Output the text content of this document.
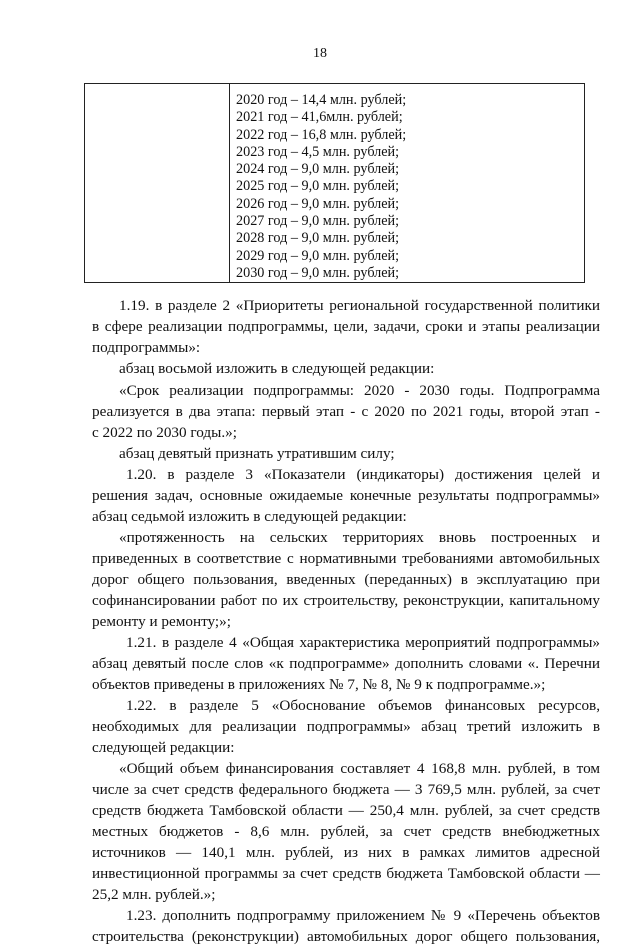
18
2020 год – 14,4 млн. рублей;
2021 год – 41,6млн. рублей;
2022 год – 16,8 млн. рублей;
2023 год – 4,5 млн. рублей;
2024 год – 9,0 млн. рублей;
2025 год – 9,0 млн. рублей;
2026 год – 9,0 млн. рублей;
2027 год – 9,0 млн. рублей;
2028 год – 9,0 млн. рублей;
2029 год – 9,0 млн. рублей;
2030 год – 9,0 млн. рублей;
1.19. в разделе 2 «Приоритеты региональной государственной политики
в сфере реализации подпрограммы, цели, задачи, сроки и этапы реализации
подпрограммы»:
абзац восьмой изложить в следующей редакции:
«Срок реализации подпрограммы: 2020 - 2030 годы. Подпрограмма
реализуется в два этапа: первый этап - с 2020 по 2021 годы, второй этап -
с 2022 по 2030 годы.»;
абзац девятый признать утратившим силу;
1.20. в разделе 3 «Показатели (индикаторы) достижения целей и
решения задач, основные ожидаемые конечные результаты подпрограммы»
абзац седьмой изложить в следующей редакции:
«протяженность на сельских территориях вновь построенных и
приведенных в соответствие с нормативными требованиями автомобильных
дорог общего пользования, введенных (переданных) в эксплуатацию при
софинансировании работ по их строительству, реконструкции, капитальному
ремонту и ремонту;»;
1.21. в разделе 4 «Общая характеристика мероприятий подпрограммы»
абзац девятый после слов «к подпрограмме» дополнить словами «. Перечни
объектов приведены в приложениях № 7, № 8, № 9 к подпрограмме.»;
1.22. в разделе 5 «Обоснование объемов финансовых ресурсов,
необходимых для реализации подпрограммы» абзац третий изложить в
следующей редакции:
«Общий объем финансирования составляет 4 168,8 млн. рублей, в том
числе за счет средств федерального бюджета — 3 769,5 млн. рублей, за счет
средств бюджета Тамбовской области — 250,4 млн. рублей, за счет средств
местных бюджетов - 8,6 млн. рублей, за счет средств внебюджетных
источников — 140,1 млн. рублей, из них в рамках лимитов адресной
инвестиционной программы за счет средств бюджета Тамбовской области —
25,2 млн. рублей.»;
1.23. дополнить подпрограмму приложением № 9 «Перечень объектов
строительства (реконструкции) автомобильных дорог общего пользования,
